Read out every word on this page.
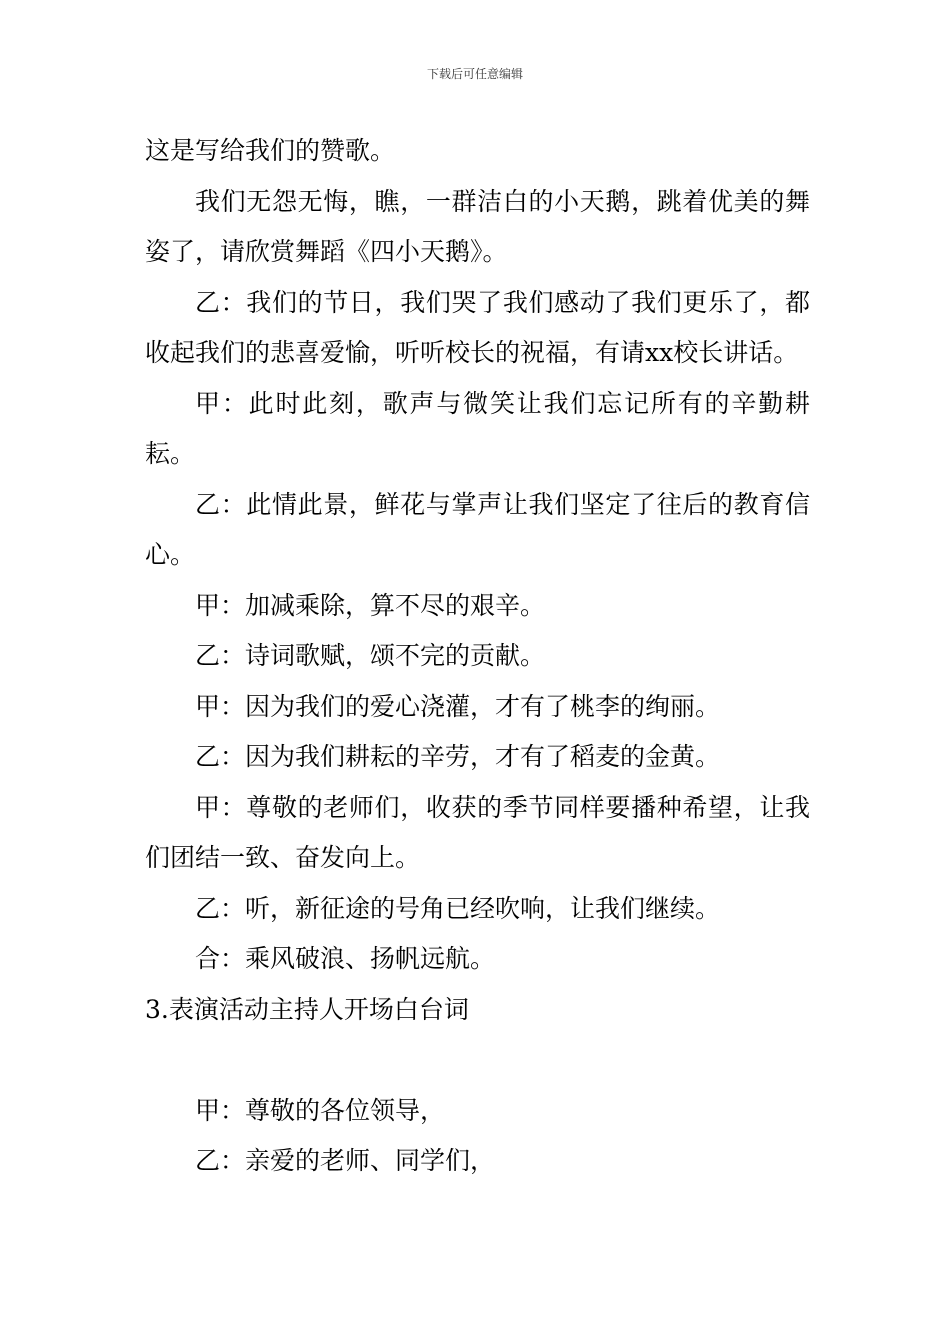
下载后可任意编辑

这是写给我们的赞歌。

我们无怨无悔，瞧，一群洁白的小天鹅，跳着优美的舞姿了，请欣赏舞蹈《四小天鹅》。

乙：我们的节日，我们哭了我们感动了我们更乐了，都收起我们的悲喜爱愉，听听校长的祝福，有请xx校长讲话。

甲：此时此刻，歌声与微笑让我们忘记所有的辛勤耕耘。

乙：此情此景，鲜花与掌声让我们坚定了往后的教育信心。

甲：加减乘除，算不尽的艰辛。

乙：诗词歌赋，颂不完的贡献。

甲：因为我们的爱心浇灌，才有了桃李的绚丽。

乙：因为我们耕耘的辛劳，才有了稻麦的金黄。

甲：尊敬的老师们，收获的季节同样要播种希望，让我们团结一致、奋发向上。

乙：听，新征途的号角已经吹响，让我们继续。

合：乘风破浪、扬帆远航。

3.表演活动主持人开场白台词

甲：尊敬的各位领导，

乙：亲爱的老师、同学们，
